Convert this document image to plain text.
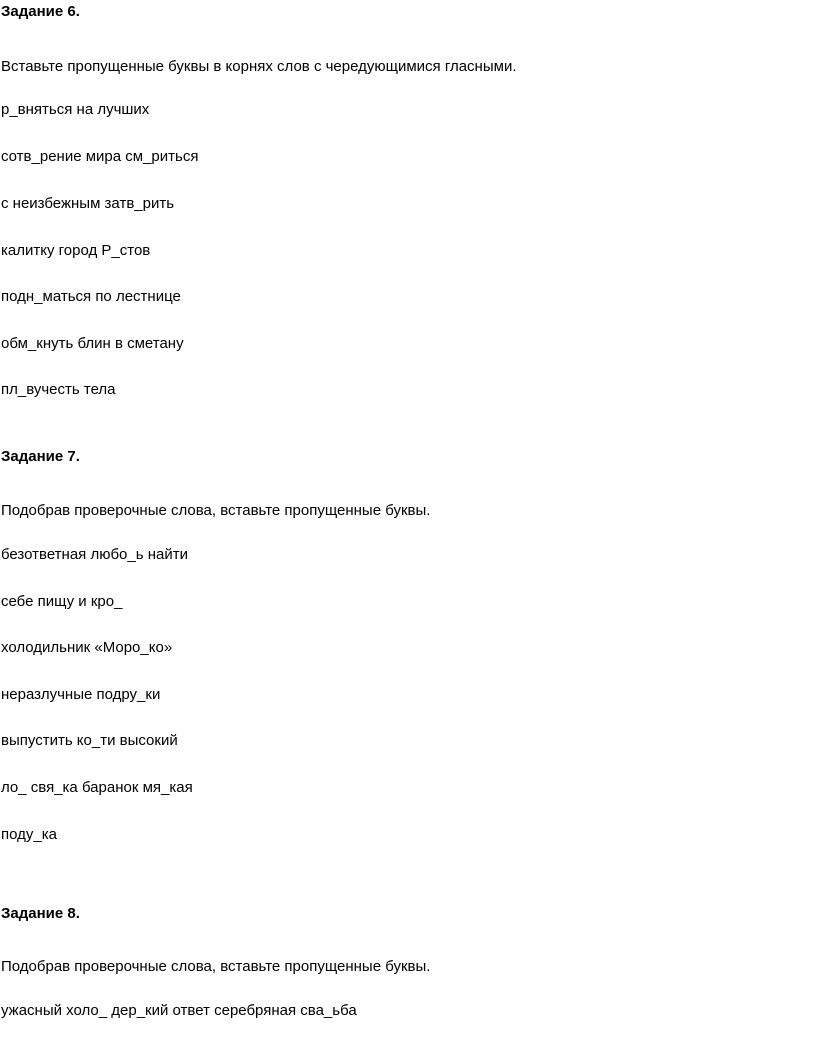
Задание 6.
Вставьте пропущенные буквы в корнях слов с чередующимися гласными.
р_вняться на лучших
сотв_рение мира см_риться
с неизбежным затв_рить
калитку город Р_стов
подн_маться по лестнице
обм_кнуть блин в сметану
пл_вучесть тела
Задание 7.
Подобрав проверочные слова, вставьте пропущенные буквы.
безответная любо_ь найти
себе пищу и кро_
холодильник «Моро_ко»
неразлучные подру_ки
выпустить ко_ти высокий
ло_ свя_ка баранок мя_кая
поду_ка
Задание 8.
Подобрав проверочные слова, вставьте пропущенные буквы.
ужасный холо_ дер_кий ответ серебряная сва_ьба
